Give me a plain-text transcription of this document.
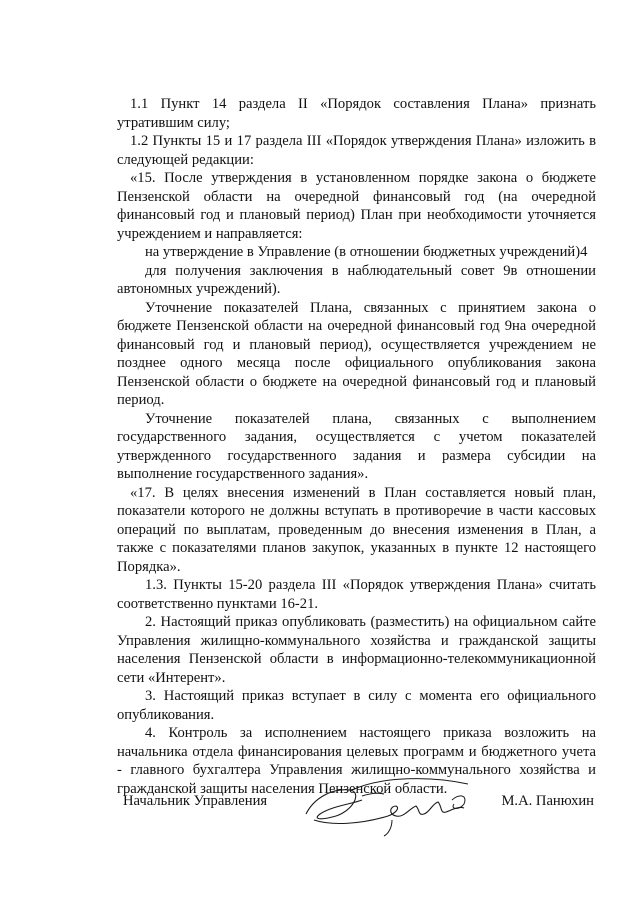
1.1 Пункт 14 раздела II «Порядок составления Плана» признать утратившим силу;

1.2 Пункты 15 и 17 раздела III «Порядок утверждения Плана» изложить в следующей редакции:

«15. После утверждения в установленном порядке закона о бюджете Пензенской области на очередной финансовый год (на очередной финансовый год и плановый период) План при необходимости уточняется учреждением и направляется:

на утверждение в Управление (в отношении бюджетных учреждений)4

для получения заключения в наблюдательный совет 9в отношении автономных учреждений).

Уточнение показателей Плана, связанных с принятием закона о бюджете Пензенской области на очередной финансовый год 9на очередной финансовый год и плановый период), осуществляется учреждением не позднее одного месяца после официального опубликования закона Пензенской области о бюджете на очередной финансовый год и плановый период.

Уточнение показателей плана, связанных с выполнением государственного задания, осуществляется с учетом показателей утвержденного государственного задания и размера субсидии на выполнение государственного задания».

«17. В целях внесения изменений в План составляется новый план, показатели которого не должны вступать в противоречие в части кассовых операций по выплатам, проведенным до внесения изменения в План, а также с показателями планов закупок, указанных в пункте 12 настоящего Порядка».

1.3. Пункты 15-20 раздела III «Порядок утверждения Плана» считать соответственно пунктами 16-21.

2. Настоящий приказ опубликовать (разместить) на официальном сайте Управления жилищно-коммунального хозяйства и гражданской защиты населения Пензенской области в информационно-телекоммуникационной сети «Интерент».

3. Настоящий приказ вступает в силу с момента его официального опубликования.

4. Контроль за исполнением настоящего приказа возложить на начальника отдела финансирования целевых программ и бюджетного учета - главного бухгалтера Управления жилищно-коммунального хозяйства и гражданской защиты населения Пензенской области.

Начальник Управления	М.А. Панюхин
